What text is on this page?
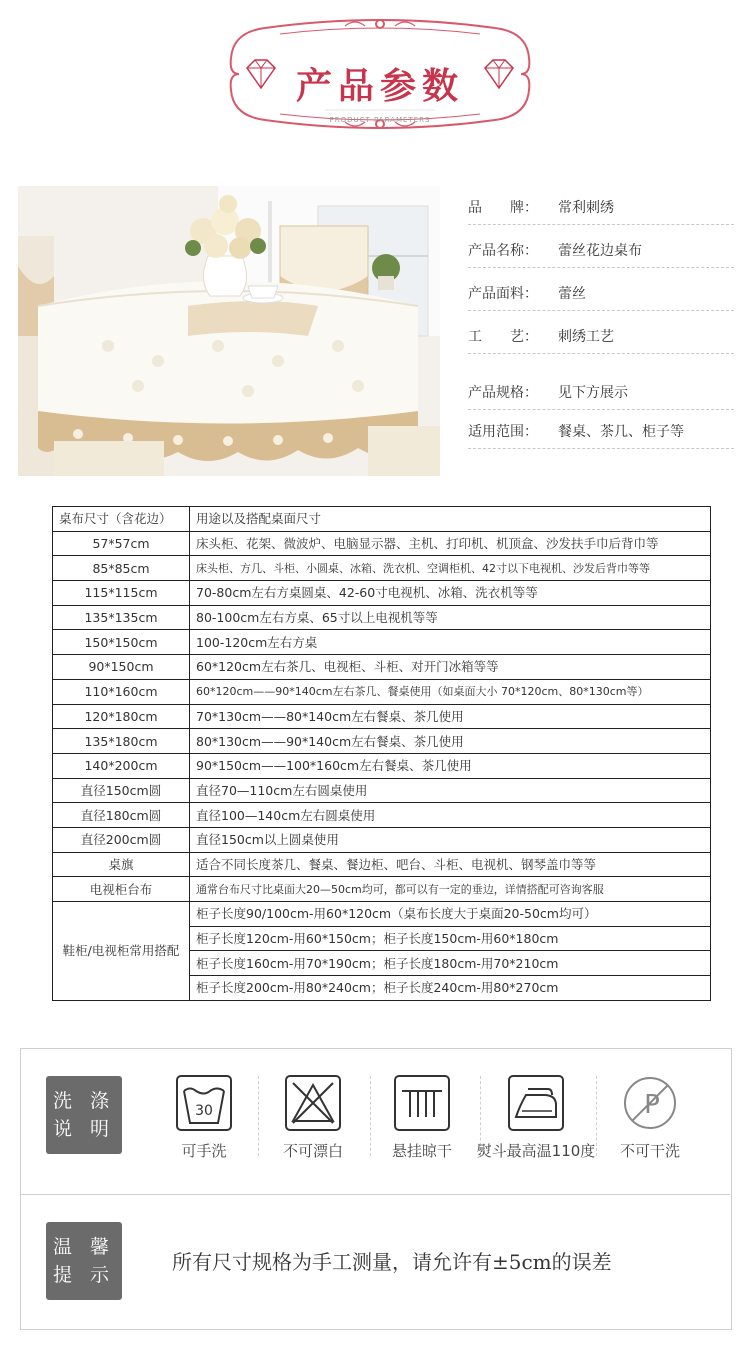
产品参数
PRODUCT PARAMETERS
品　　牌： 常利刺绣
产品名称： 蕾丝花边桌布
产品面料： 蕾丝
工　　艺： 刺绣工艺
产品规格： 见下方展示
适用范围： 餐桌、茶几、柜子等
桌布尺寸（含花边）	用途以及搭配桌面尺寸
57*57cm	床头柜、花架、微波炉、电脑显示器、主机、打印机、机顶盒、沙发扶手巾后背巾等
85*85cm	床头柜、方几、斗柜、小圆桌、冰箱、洗衣机、空调柜机、42寸以下电视机、沙发后背巾等等
115*115cm	70-80cm左右方桌圆桌、42-60寸电视机、冰箱、洗衣机等等
135*135cm	80-100cm左右方桌、65寸以上电视机等等
150*150cm	100-120cm左右方桌
90*150cm	60*120cm左右茶几、电视柜、斗柜、对开门冰箱等等
110*160cm	60*120cm——90*140cm左右茶几、餐桌使用（如桌面大小 70*120cm、80*130cm等）
120*180cm	70*130cm——80*140cm左右餐桌、茶几使用
135*180cm	80*130cm——90*140cm左右餐桌、茶几使用
140*200cm	90*150cm——100*160cm左右餐桌、茶几使用
直径150cm圆	直径70—110cm左右圆桌使用
直径180cm圆	直径100—140cm左右圆桌使用
直径200cm圆	直径150cm以上圆桌使用
桌旗	适合不同长度茶几、餐桌、餐边柜、吧台、斗柜、电视机、钢琴盖巾等等
电视柜台布	通常台布尺寸比桌面大20—50cm均可，都可以有一定的垂边，详情搭配可咨询客服
鞋柜/电视柜常用搭配	柜子长度90/100cm-用60*120cm（桌布长度大于桌面20-50cm均可）
	柜子长度120cm-用60*150cm；柜子长度150cm-用60*180cm
	柜子长度160cm-用70*190cm；柜子长度180cm-用70*210cm
	柜子长度200cm-用80*240cm；柜子长度240cm-用80*270cm
洗 涤
说 明
30
可手洗	不可漂白	悬挂晾干	熨斗最高温110度
P
不可干洗
温 馨
提 示
所有尺寸规格为手工测量，请允许有±5cm的误差
